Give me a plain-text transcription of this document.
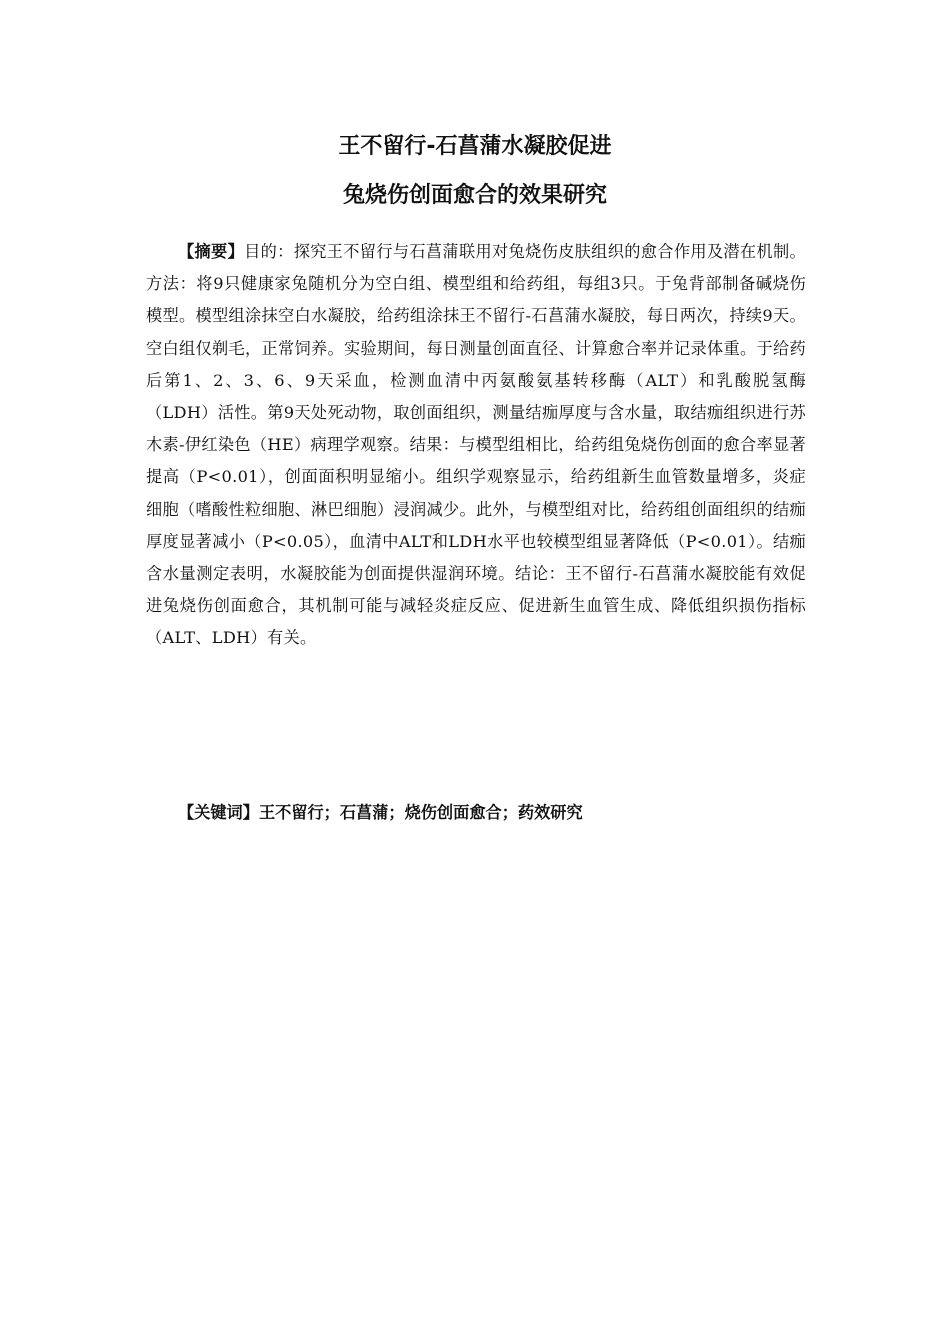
王不留行-石菖蒲水凝胶促进
兔烧伤创面愈合的效果研究

【摘要】目的：探究王不留行与石菖蒲联用对兔烧伤皮肤组织的愈合作用及潜在机制。方法：将9只健康家兔随机分为空白组、模型组和给药组，每组3只。于兔背部制备碱烧伤模型。模型组涂抹空白水凝胶，给药组涂抹王不留行-石菖蒲水凝胶，每日两次，持续9天。空白组仅剃毛，正常饲养。实验期间，每日测量创面直径、计算愈合率并记录体重。于给药后第1、2、3、6、9天采血，检测血清中丙氨酸氨基转移酶（ALT）和乳酸脱氢酶（LDH）活性。第9天处死动物，取创面组织，测量结痂厚度与含水量，取结痂组织进行苏木素-伊红染色（HE）病理学观察。结果：与模型组相比，给药组兔烧伤创面的愈合率显著提高（P<0.01），创面面积明显缩小。组织学观察显示，给药组新生血管数量增多，炎症细胞（嗜酸性粒细胞、淋巴细胞）浸润减少。此外，与模型组对比，给药组创面组织的结痂厚度显著减小（P<0.05），血清中ALT和LDH水平也较模型组显著降低（P<0.01）。结痂含水量测定表明，水凝胶能为创面提供湿润环境。结论：王不留行-石菖蒲水凝胶能有效促进兔烧伤创面愈合，其机制可能与减轻炎症反应、促进新生血管生成、降低组织损伤指标（ALT、LDH）有关。

【关键词】王不留行；石菖蒲；烧伤创面愈合；药效研究
